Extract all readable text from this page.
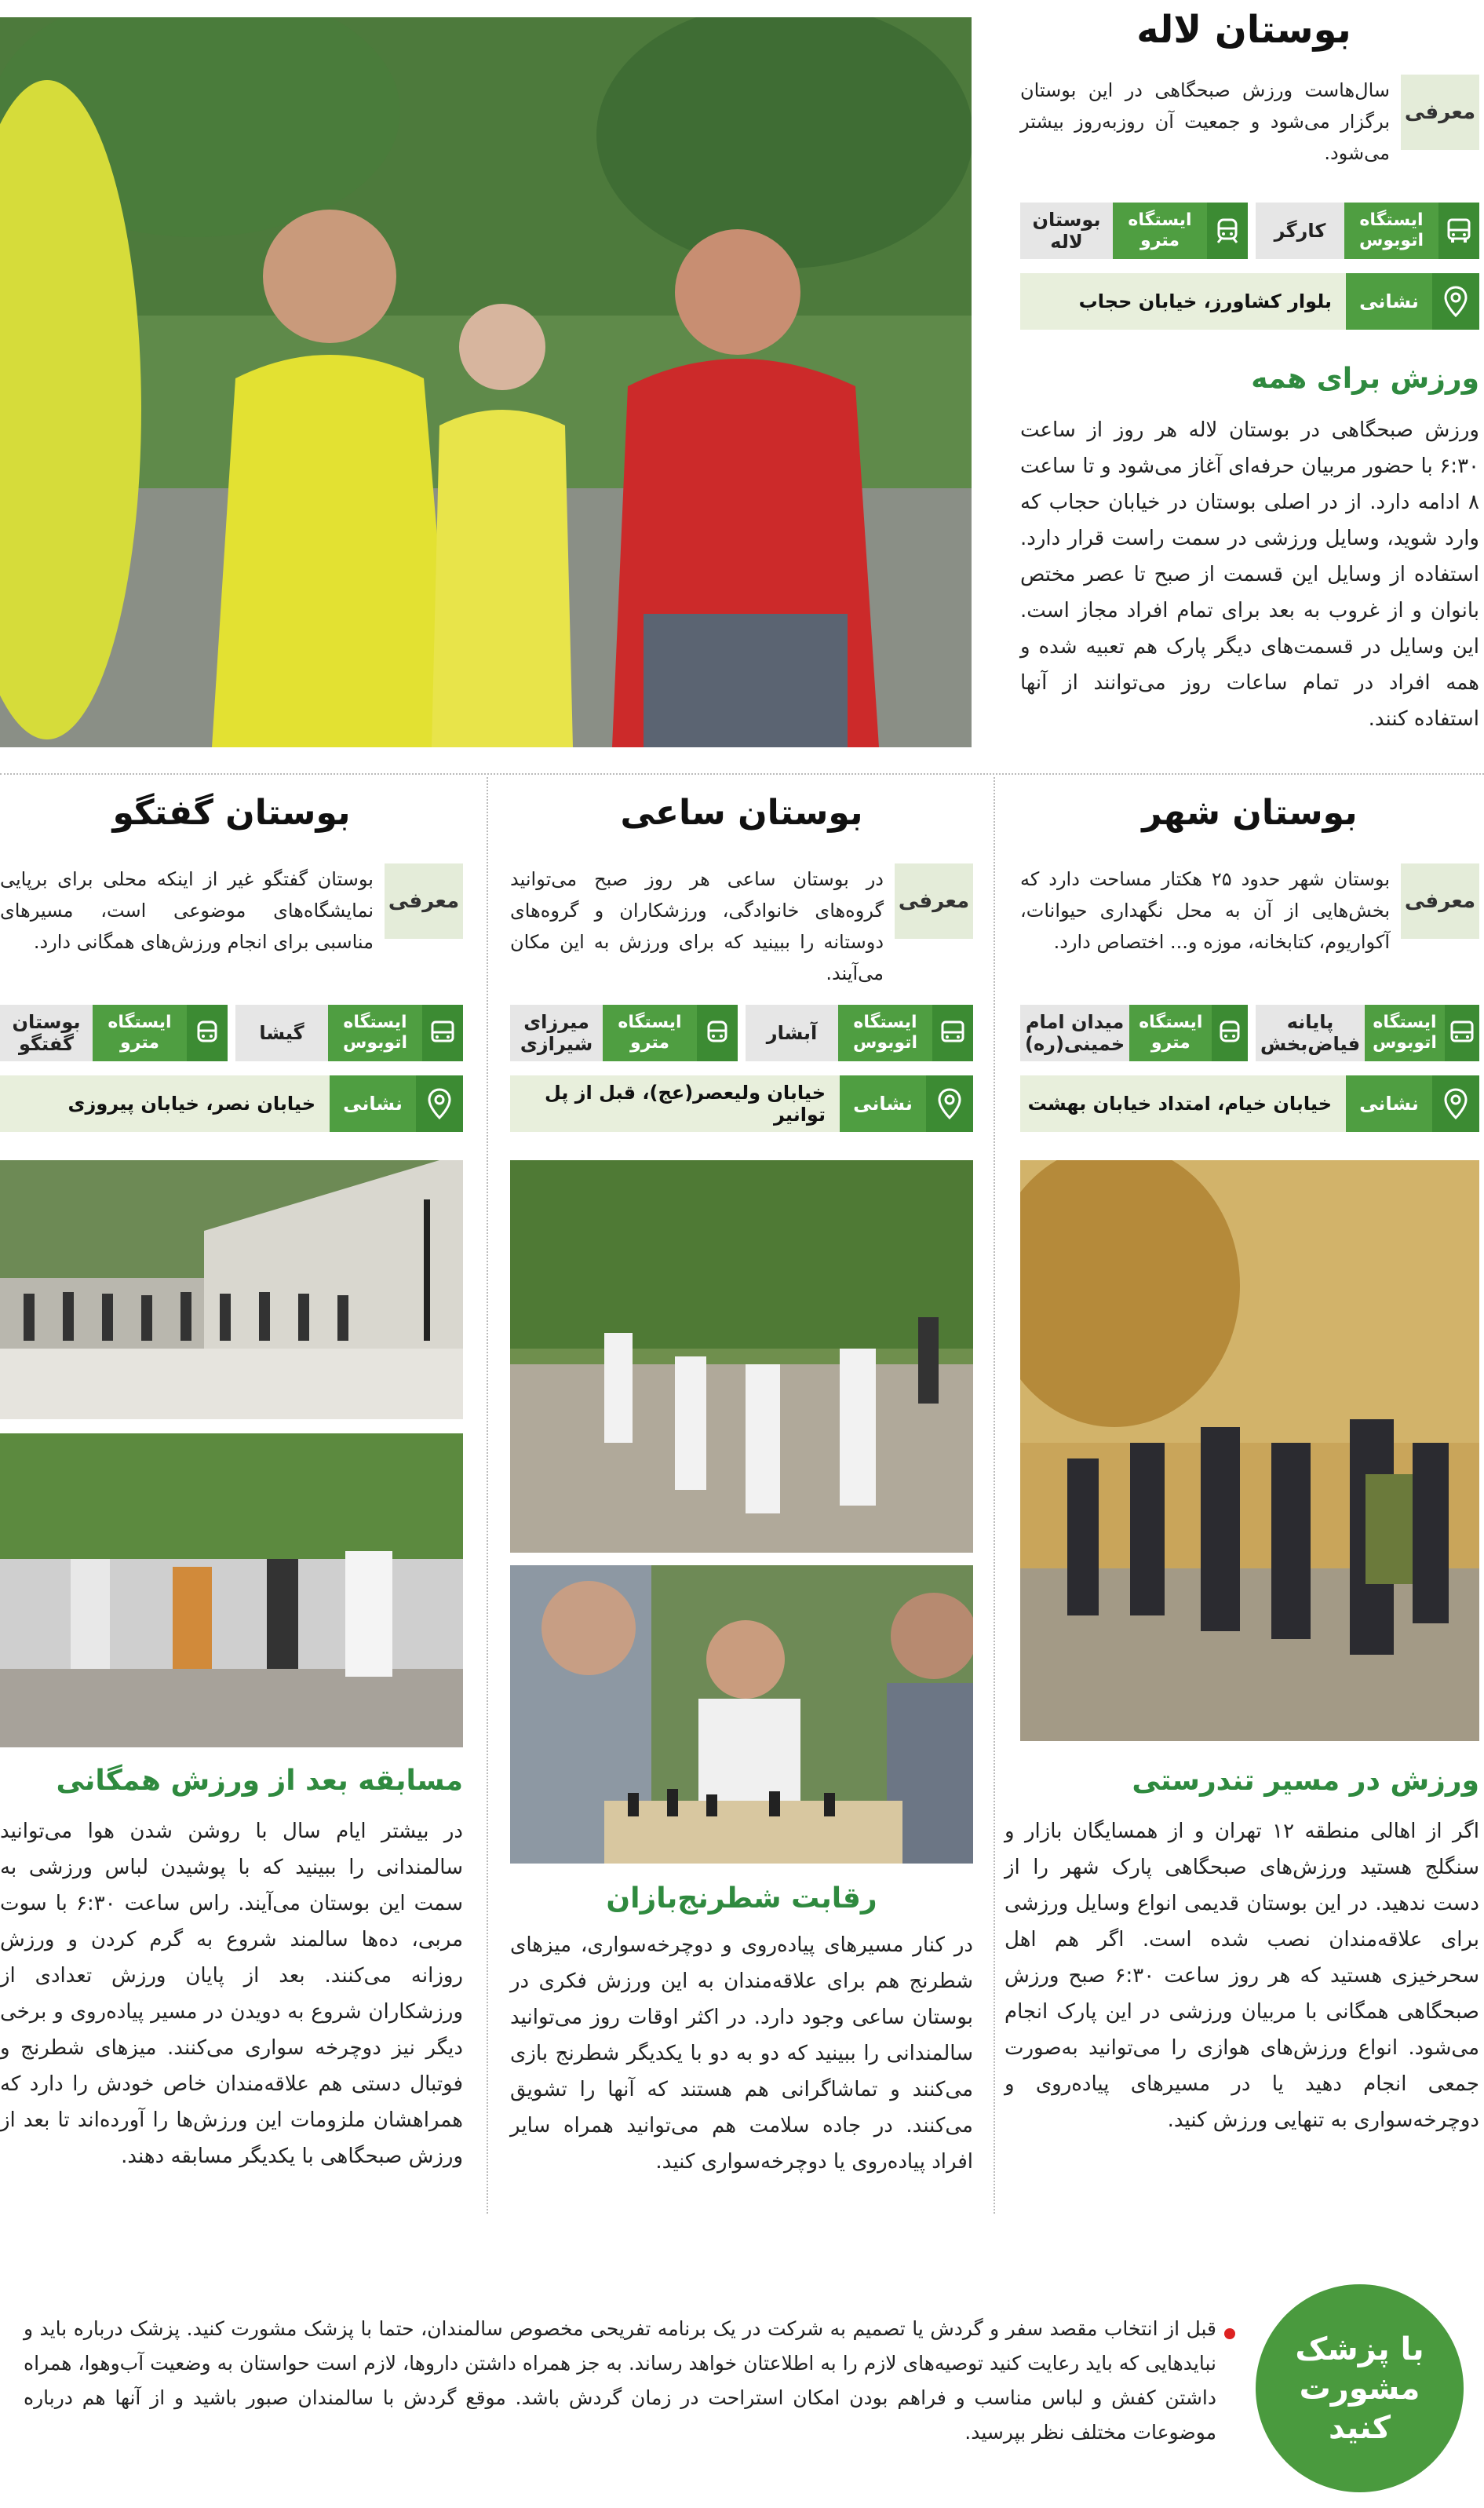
بوستان لاله
معرفی
سال‌هاست ورزش صبحگاهی در این بوستان برگزار می‌شود و جمعیت آن روزبه‌روز بیشتر می‌شود.
ایستگاه اتوبوس
کارگر
ایستگاه مترو
بوستان لاله
نشانی
بلوار کشاورز، خیابان حجاب
ورزش برای همه
ورزش صبحگاهی در بوستان لاله هر روز از ساعت ۶:۳۰ با حضور مربیان حرفه‌ای آغاز می‌شود و تا ساعت ۸ ادامه دارد. از در اصلی بوستان در خیابان حجاب که وارد شوید، وسایل ورزشی در سمت راست قرار دارد. استفاده از وسایل این قسمت از صبح تا عصر مختص بانوان و از غروب به بعد برای تمام افراد مجاز است. این وسایل در قسمت‌های دیگر پارک هم تعبیه شده و همه افراد در تمام ساعات روز می‌توانند از آنها استفاده کنند.
بوستان شهر
معرفی
بوستان شهر حدود ۲۵ هکتار مساحت دارد که بخش‌هایی از آن به محل نگهداری حیوانات، آکواریوم، کتابخانه، موزه و... اختصاص دارد.
ایستگاه اتوبوس
پایانه فیاض‌بخش
ایستگاه مترو
میدان امام خمینی(ره)
نشانی
خیابان خیام، امتداد خیابان بهشت
ورزش در مسیر تندرستی
اگر از اهالی منطقه ۱۲ تهران و از همسایگان بازار و سنگلج هستید ورزش‌های صبحگاهی پارک شهر را از دست ندهید. در این بوستان قدیمی انواع وسایل ورزشی برای علاقه‌مندان نصب شده است. اگر هم اهل سحرخیزی هستید که هر روز ساعت ۶:۳۰ صبح ورزش صبحگاهی همگانی با مربیان ورزشی در این پارک انجام می‌شود. انواع ورزش‌های هوازی را می‌توانید به‌صورت جمعی انجام دهید یا در مسیرهای پیاده‌روی و دوچرخه‌سواری به تنهایی ورزش کنید.
بوستان ساعی
معرفی
در بوستان ساعی هر روز صبح می‌توانید گروه‌های خانوادگی، ورزشکاران و گروه‌های دوستانه را ببینید که برای ورزش به این مکان می‌آیند.
ایستگاه اتوبوس
آبشار
ایستگاه مترو
میرزای شیرازی
نشانی
خیابان ولیعصر(عج)، قبل از پل توانیر
رقابت شطرنج‌بازان
در کنار مسیرهای پیاده‌روی و دوچرخه‌سواری، میزهای شطرنج هم برای علاقه‌مندان به این ورزش فکری در بوستان ساعی وجود دارد. در اکثر اوقات روز می‌توانید سالمندانی را ببینید که دو به دو با یکدیگر شطرنج بازی می‌کنند و تماشاگرانی هم هستند که آنها را تشویق می‌کنند. در جاده سلامت هم می‌توانید همراه سایر افراد پیاده‌روی یا دوچرخه‌سواری کنید.
بوستان گفتگو
معرفی
بوستان گفتگو غیر از اینکه محلی برای برپایی نمایشگاه‌های موضوعی است، مسیرهای مناسبی برای انجام ورزش‌های همگانی دارد.
ایستگاه اتوبوس
گیشا
ایستگاه مترو
بوستان گفتگو
نشانی
خیابان نصر، خیابان پیروزی
مسابقه بعد از ورزش همگانی
در بیشتر ایام سال با روشن شدن هوا می‌توانید سالمندانی را ببینید که با پوشیدن لباس ورزشی به سمت این بوستان می‌آیند. راس ساعت ۶:۳۰ با سوت مربی، ده‌ها سالمند شروع به گرم کردن و ورزش روزانه می‌کنند. بعد از پایان ورزش تعدادی از ورزشکاران شروع به دویدن در مسیر پیاده‌روی و برخی دیگر نیز دوچرخه سواری می‌کنند. میزهای شطرنج و فوتبال دستی هم علاقه‌مندان خاص خودش را دارد که همراهشان ملزومات این ورزش‌ها را آورده‌اند تا بعد از ورزش صبحگاهی با یکدیگر مسابقه دهند.
با پزشک
مشورت
کنید
قبل از انتخاب مقصد سفر و گردش یا تصمیم به شرکت در یک برنامه تفریحی مخصوص سالمندان، حتما با پزشک مشورت کنید. پزشک درباره باید و نبایدهایی که باید رعایت کنید توصیه‌های لازم را به اطلاعتان خواهد رساند. به جز همراه داشتن داروها، لازم است حواستان به وضعیت آب‌وهوا، همراه داشتن کفش و لباس مناسب و فراهم بودن امکان استراحت در زمان گردش باشد. موقع گردش با سالمندان صبور باشید و از آنها هم درباره موضوعات مختلف نظر بپرسید.
